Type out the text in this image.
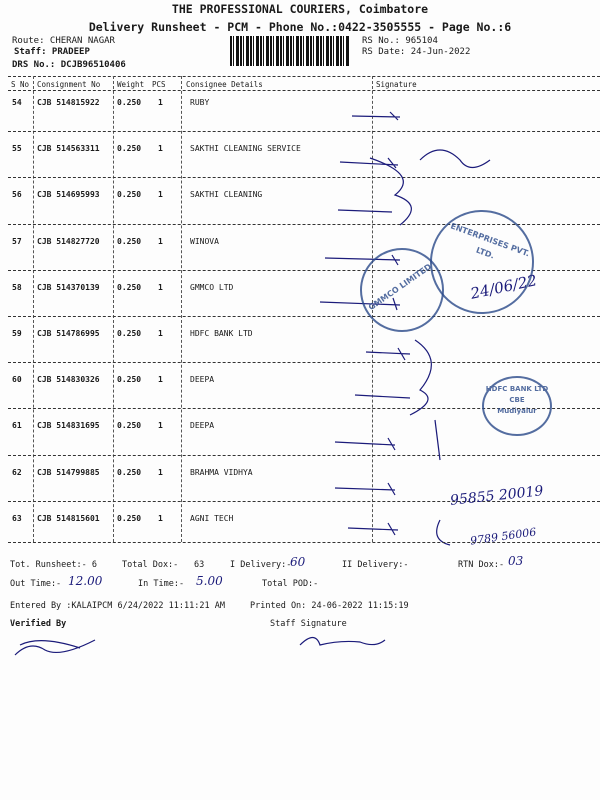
THE PROFESSIONAL COURIERS, Coimbatore
Delivery Runsheet - PCM - Phone No.:0422-3505555 - Page No.:6
Route: CHERAN NAGAR
Staff: PRADEEP
DRS No.: DCJB96510406
RS No.: 965104
RS Date: 24-Jun-2022
S No Consignment No Weight PCS	Consignee Details	Signature
54 CJB 514815922 0.250 1	RUBY
55 CJB 514563311 0.250 1	SAKTHI CLEANING SERVICE
56 CJB 514695993 0.250 1	SAKTHI CLEANING
57 CJB 514827720 0.250 1	WINOVA
58 CJB 514370139 0.250 1	GMMCO LTD
59 CJB 514786995 0.250 1	HDFC BANK LTD
60 CJB 514830326 0.250 1	DEEPA
61 CJB 514831695 0.250 1	DEEPA
62 CJB 514799885 0.250 1	BRAHMA VIDHYA
63 CJB 514815601 0.250 1	AGNI TECH
ENTERPRISES PVT. LTD.
GMMCO LIMITED
HDFC BANK LTD
CBE
Mudiyalur
24/06/22
95855 20019
9789 56006
Tot. Runsheet:- 6	Total Dox:- 63	I Delivery:-
60	II Delivery:-	RTN Dox:- 03
Out Time:- 12.00	In Time:- 5.00	Total POD:-
Entered By :KALAIPCM 6/24/2022 11:11:21 AM	Printed On: 24-06-2022 11:15:19
Verified By	Staff Signature
